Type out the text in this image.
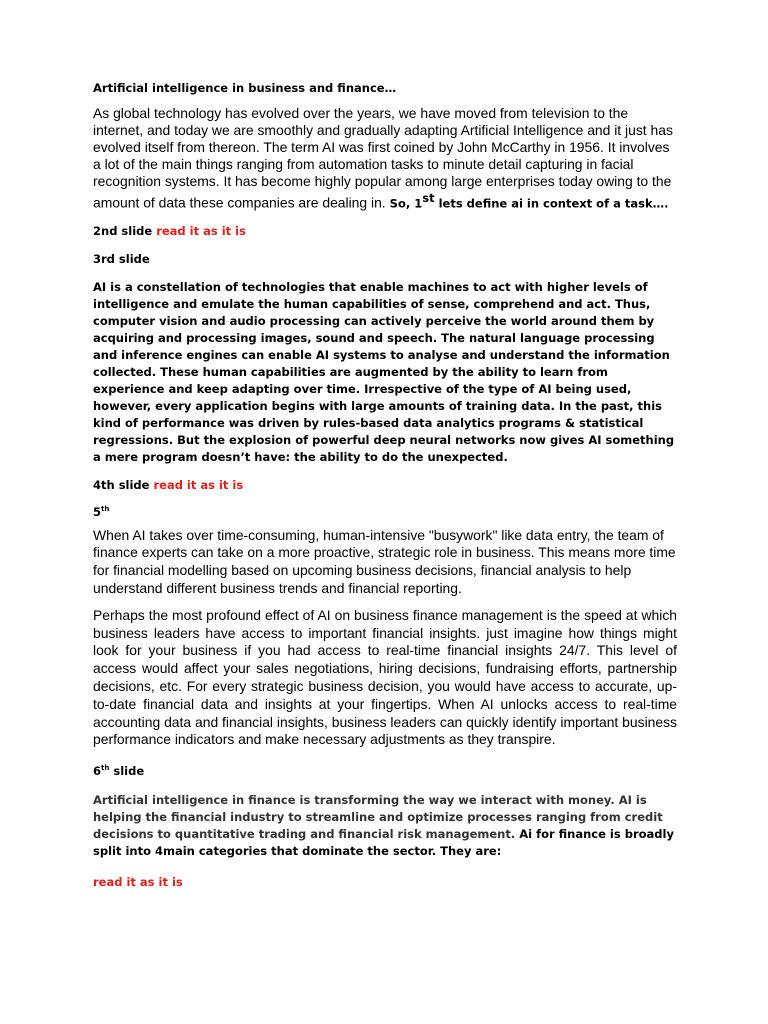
Artificial intelligence in business and finance…

As global technology has evolved over the years, we have moved from television to the internet, and today we are smoothly and gradually adapting Artificial Intelligence and it just has evolved itself from thereon. The term AI was first coined by John McCarthy in 1956. It involves a lot of the main things ranging from automation tasks to minute detail capturing in facial recognition systems. It has become highly popular among large enterprises today owing to the amount of data these companies are dealing in. So, 1st lets define ai in context of a task….

2nd slide read it as it is

3rd slide

AI is a constellation of technologies that enable machines to act with higher levels of intelligence and emulate the human capabilities of sense, comprehend and act. Thus, computer vision and audio processing can actively perceive the world around them by acquiring and processing images, sound and speech. The natural language processing and inference engines can enable AI systems to analyse and understand the information collected. These human capabilities are augmented by the ability to learn from experience and keep adapting over time. Irrespective of the type of AI being used, however, every application begins with large amounts of training data. In the past, this kind of performance was driven by rules-based data analytics programs & statistical regressions. But the explosion of powerful deep neural networks now gives AI something a mere program doesn’t have: the ability to do the unexpected.

4th slide read it as it is

5th

When AI takes over time-consuming, human-intensive "busywork" like data entry, the team of finance experts can take on a more proactive, strategic role in business. This means more time for financial modelling based on upcoming business decisions, financial analysis to help understand different business trends and financial reporting.

Perhaps the most profound effect of AI on business finance management is the speed at which business leaders have access to important financial insights. just imagine how things might look for your business if you had access to real-time financial insights 24/7. This level of access would affect your sales negotiations, hiring decisions, fundraising efforts, partnership decisions, etc. For every strategic business decision, you would have access to accurate, up-to-date financial data and insights at your fingertips. When AI unlocks access to real-time accounting data and financial insights, business leaders can quickly identify important business performance indicators and make necessary adjustments as they transpire.

6th slide

Artificial intelligence in finance is transforming the way we interact with money. AI is helping the financial industry to streamline and optimize processes ranging from credit decisions to quantitative trading and financial risk management. Ai for finance is broadly split into 4main categories that dominate the sector. They are:

read it as it is
